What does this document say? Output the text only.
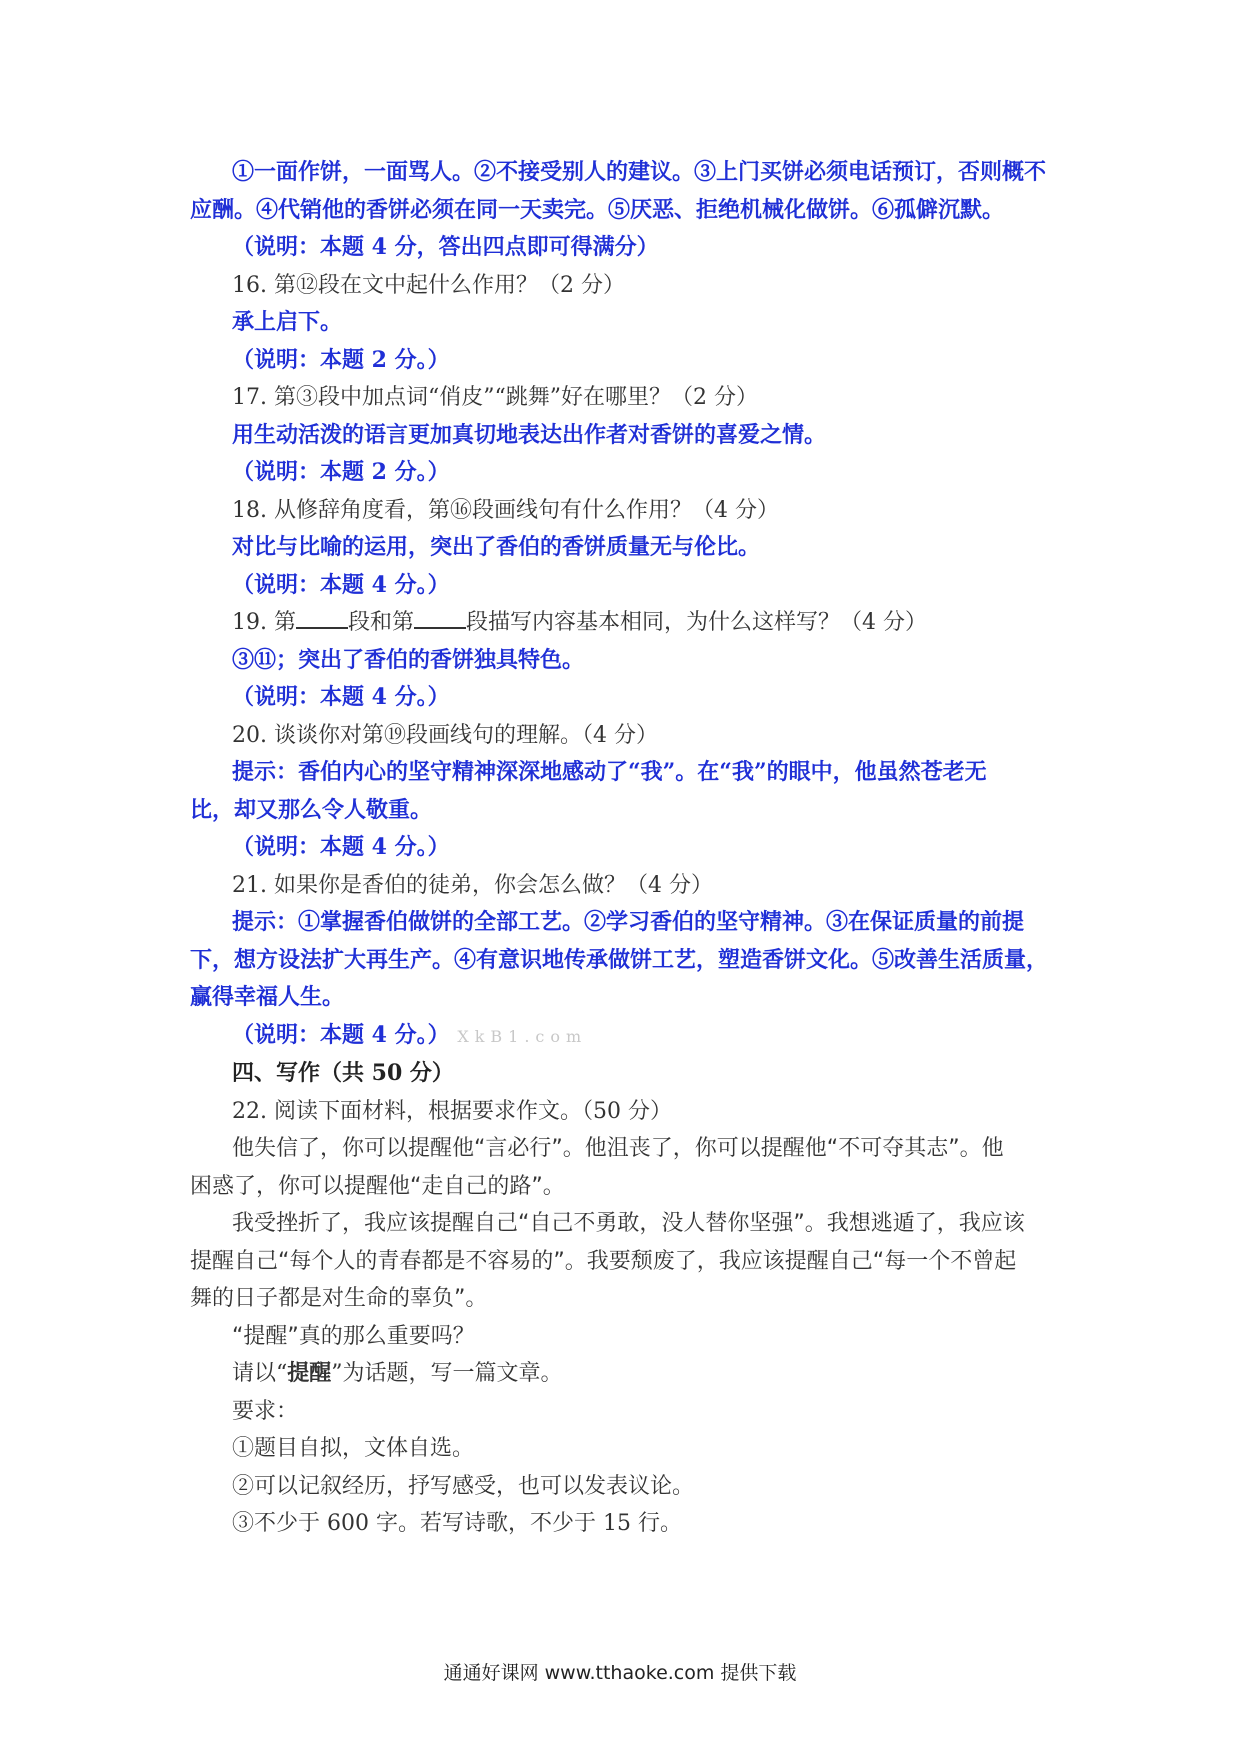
①一面作饼，一面骂人。②不接受别人的建议。③上门买饼必须电话预订，否则概不
应酬。④代销他的香饼必须在同一天卖完。⑤厌恶、拒绝机械化做饼。⑥孤僻沉默。
（说明：本题 4 分，答出四点即可得满分）
16. 第⑫段在文中起什么作用？（2 分）
承上启下。
（说明：本题 2 分。）
17. 第③段中加点词“俏皮”“跳舞”好在哪里？（2 分）
用生动活泼的语言更加真切地表达出作者对香饼的喜爱之情。
（说明：本题 2 分。）
18. 从修辞角度看，第⑯段画线句有什么作用？（4 分）
对比与比喻的运用，突出了香伯的香饼质量无与伦比。
（说明：本题 4 分。）
19. 第 段和第 段描写内容基本相同，为什么这样写？（4 分）
③⑪；突出了香伯的香饼独具特色。
（说明：本题 4 分。）
20. 谈谈你对第⑲段画线句的理解。（4 分）
提示：香伯内心的坚守精神深深地感动了“我”。在“我”的眼中，他虽然苍老无
比，却又那么令人敬重。
（说明：本题 4 分。）
21. 如果你是香伯的徒弟，你会怎么做？（4 分）
提示：①掌握香伯做饼的全部工艺。②学习香伯的坚守精神。③在保证质量的前提
下，想方设法扩大再生产。④有意识地传承做饼工艺，塑造香饼文化。⑤改善生活质量，
赢得幸福人生。
（说明：本题 4 分。） XkB1.com
四、写作（共 50 分）
22. 阅读下面材料，根据要求作文。（50 分）
他失信了，你可以提醒他“言必行”。他沮丧了，你可以提醒他“不可夺其志”。他
困惑了，你可以提醒他“走自己的路”。
我受挫折了，我应该提醒自己“自己不勇敢，没人替你坚强”。我想逃遁了，我应该
提醒自己“每个人的青春都是不容易的”。我要颓废了，我应该提醒自己“每一个不曾起
舞的日子都是对生命的辜负”。
“提醒”真的那么重要吗？
请以“提醒”为话题，写一篇文章。
要求：
①题目自拟，文体自选。
②可以记叙经历，抒写感受，也可以发表议论。
③不少于 600 字。若写诗歌，不少于 15 行。
通通好课网 www.tthaoke.com 提供下载
